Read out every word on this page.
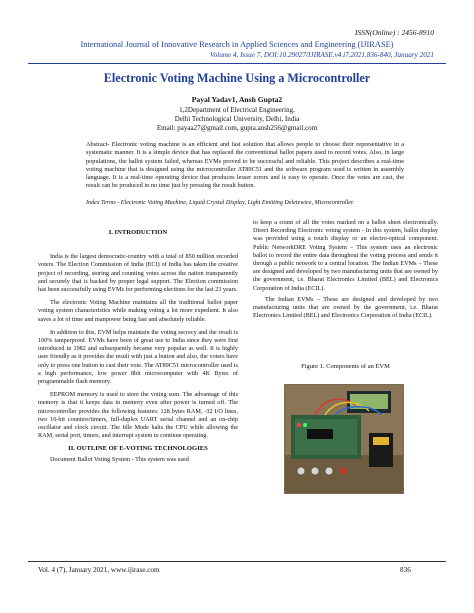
ISSN(Online) : 2456-8910
International Journal of Innovative Research in Applied Sciences and Engineering (IJIRASE)
Volume 4, Issue 7, DOI:10.29027/IJIRASE.v4.i7.2021.836-840, January 2021
Electronic Voting Machine Using a Microcontroller
Payal Yadav1, Ansh Gupta2
1,2Department of Electrical Engineering,
Delhi Technological University, Delhi, India
Email: payaa27@gmail.com, gupta.ansh256@gmail.com
Abstract- Electronic voting machine is an efficient and fast solution that allows people to choose their representative in a systematic manner. It is a simple device that has replaced the conventional ballot papers used to record votes. Also, in large populations, the ballot system failed, whereas EVMs proved to be successful and reliable. This project describes a real-time voting machine that is designed using the microcontroller AT89C51 and the software program used is written in assembly language. It is a real-time operating device that produces lesser errors and is easy to operate. Once the votes are cast, the result can be produced in no time just by pressing the result button.
Index Terms - Electronic Voting Machine, Liquid Crystal Display, Light Emitting Deletewice, Microcontroller.
I. INTRODUCTION

India is the largest democratic-country with a total of 850 million recorded voters. The Election Commission of India (ECI) of India has taken the creative project of recording, storing and counting votes across the nation transparently and securely that is backed by proper legal support. The Election commission has been successfully using EVMs for performing elections for the last 23 years.

The electronic Voting Machine maintains all the traditional ballot paper voting system characteristics while making voting a lot more expedient. It also saves a lot of time and manpower being fast and absolutely reliable.

In addition to this, EVM helps maintain the voting secrecy and the result is 100% tamperproof. EVMs have been of great use to India since they were first introduced in 1982 and subsequently became very popular as well. It is highly user friendly as it provides the result with just a button and also, the voters have only to press one button to cast their vote. The AT89C51 microcontroller used is a high performance, low power 8bit microcomputer with 4K Bytes of programmable flash memory.

EEPROM memory is used to store the voting sum. The advantage of this memory is that it keeps data in memory even after power is turned off. The microcontroller provides the following features: 128 bytes RAM, -32 I/O lines, two 16-bit counters/timers, full-duplex UART serial channel and an on-chip oscillator and clock circuit. The Idle Mode halts the CPU while allowing the RAM, serial port, timers, and interrupt system to continue operating.

II. OUTLINE OF E-VOTING TECHNOLOGIES

Document Ballot Voting System - This system was used

to keep a count of all the votes marked on a ballot sheet electronically. Direct Recording Electronic voting system - In this system, ballot display was provided using a touch display or an electro-optical component. Public NetworkDRE Voting System – This system uses an electronic ballot to record the entire data throughout the voting process and sends it through a public network to a central location. The Indian EVMs – These are designed and developed by two manufacturing units that are owned by the government, i.e. Bharat Electronics Limited (BEL) and Electronics Corporation of India (ECIL).

The Indian EVMs – These are designed and developed by two manufacturing units that are owned by the government, i.e. Bharat Electronics Limited (BEL) and Electronics Corporation of India (ECIL).

Figure 1. Components of an EVM
Vol. 4 (7), January 2021, www.ijirase.com	836
